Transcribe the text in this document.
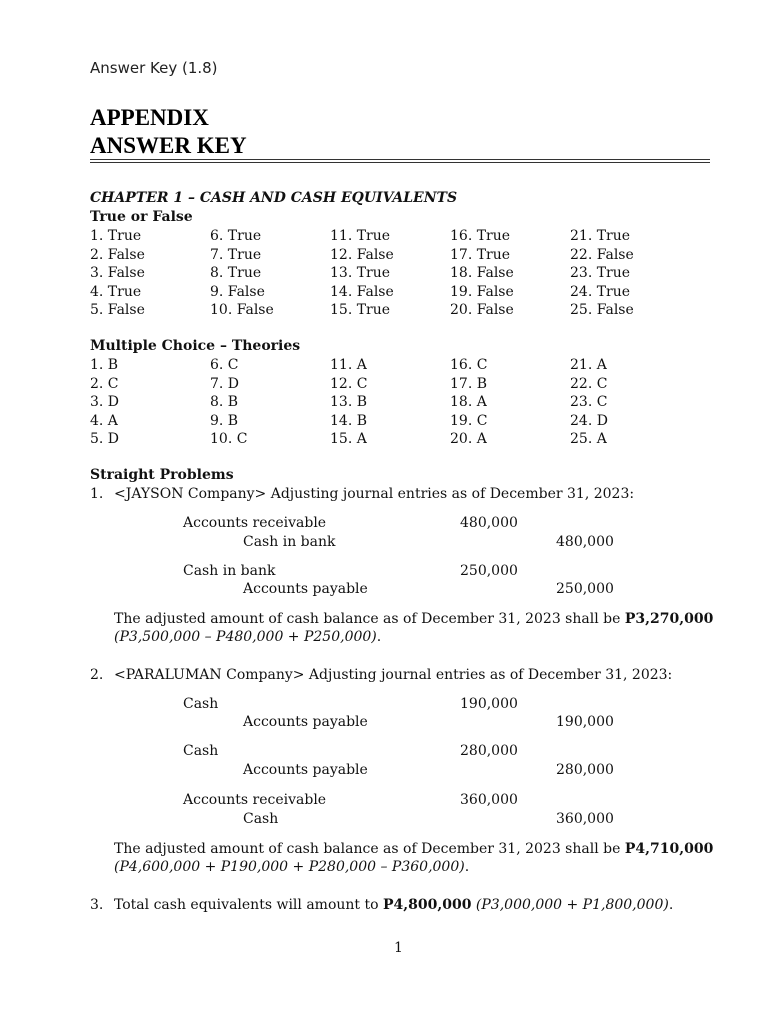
Answer Key (1.8)
APPENDIX
ANSWER KEY
CHAPTER 1 – CASH AND CASH EQUIVALENTS
True or False
1. True	6. True	11. True	16. True	21. True
2. False	7. True	12. False	17. True	22. False
3. False	8. True	13. True	18. False	23. True
4. True	9. False	14. False	19. False	24. True
5. False	10. False	15. True	20. False	25. False
Multiple Choice – Theories
1. B	6. C	11. A	16. C	21. A
2. C	7. D	12. C	17. B	22. C
3. D	8. B	13. B	18. A	23. C
4. A	9. B	14. B	19. C	24. D
5. D	10. C	15. A	20. A	25. A
Straight Problems
1. <JAYSON Company> Adjusting journal entries as of December 31, 2023:
Accounts receivable	480,000
Cash in bank	480,000
Cash in bank	250,000
Accounts payable	250,000
The adjusted amount of cash balance as of December 31, 2023 shall be P3,270,000
(P3,500,000 – P480,000 + P250,000).
2. <PARALUMAN Company> Adjusting journal entries as of December 31, 2023:
Cash	190,000
Accounts payable	190,000
Cash	280,000
Accounts payable	280,000
Accounts receivable	360,000
Cash	360,000
The adjusted amount of cash balance as of December 31, 2023 shall be P4,710,000
(P4,600,000 + P190,000 + P280,000 – P360,000).
3. Total cash equivalents will amount to P4,800,000 (P3,000,000 + P1,800,000).
1
